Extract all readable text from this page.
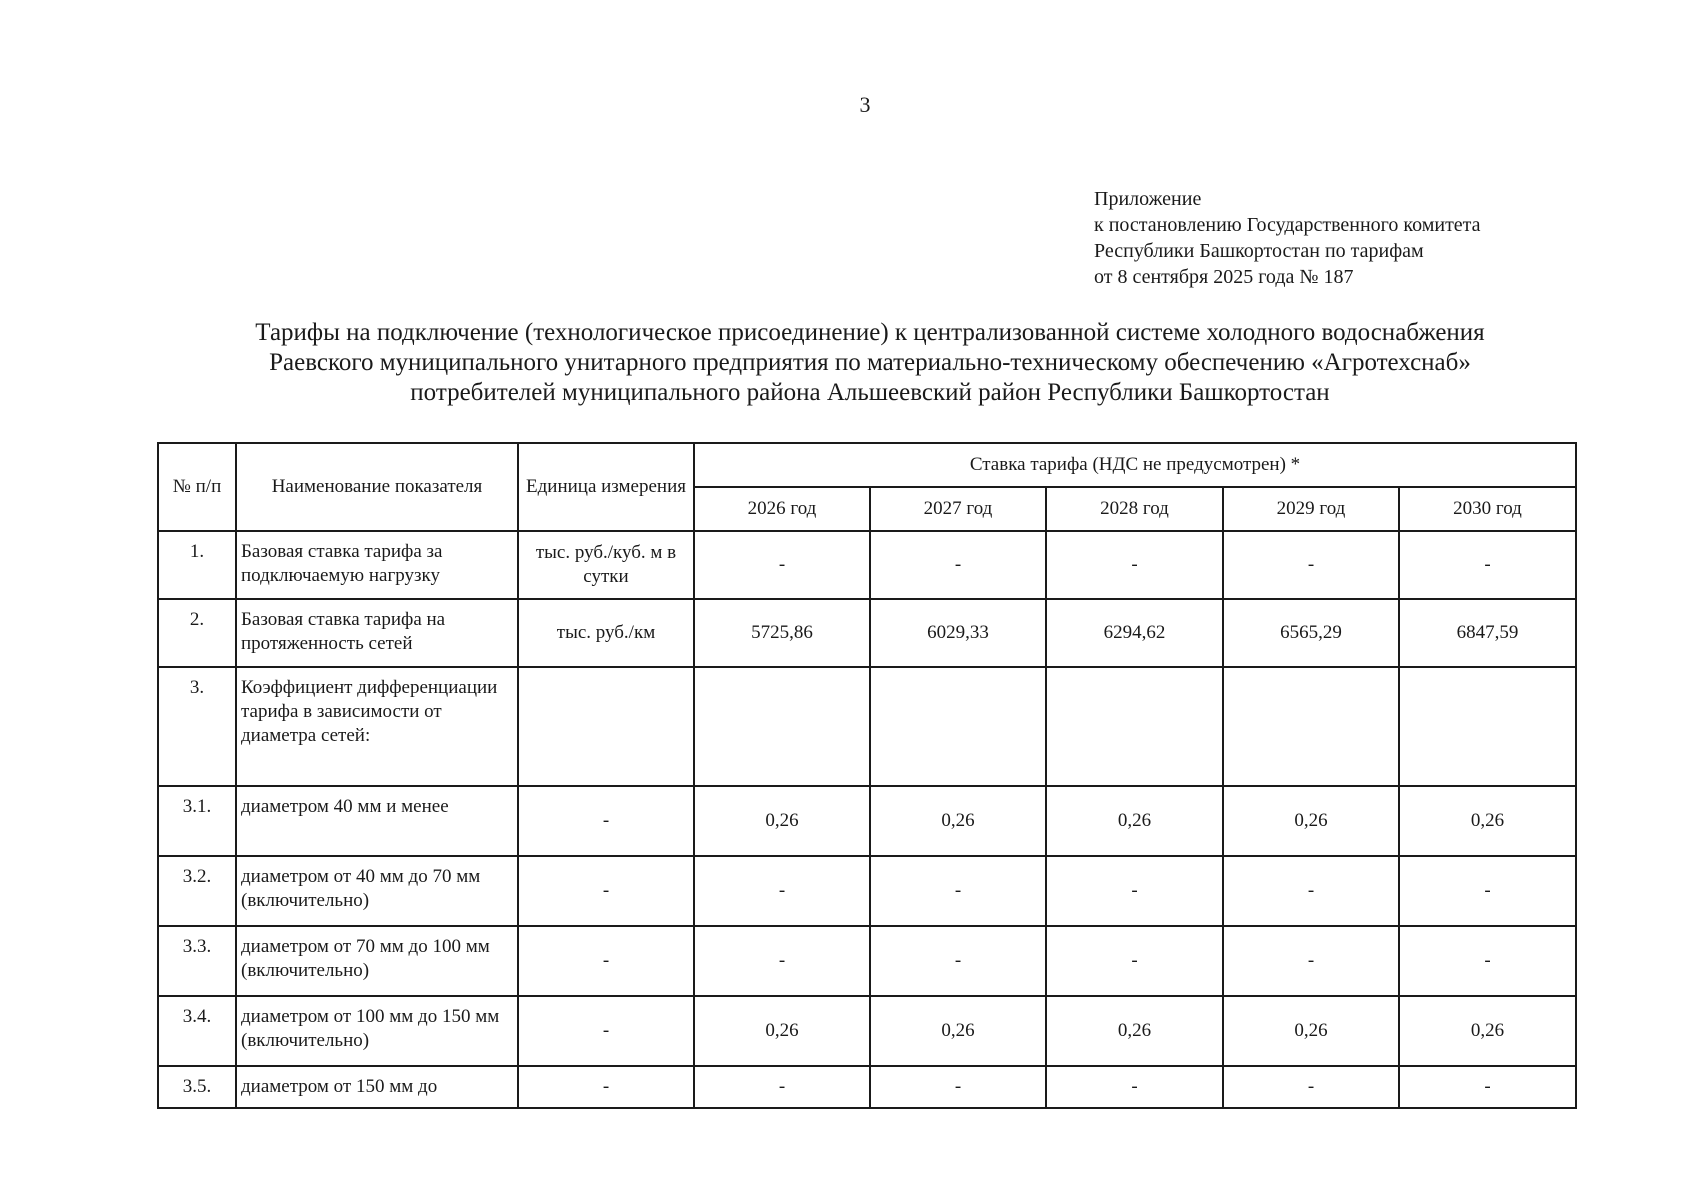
3
Приложение
к постановлению Государственного комитета
Республики Башкортостан по тарифам
от 8 сентября 2025 года № 187
Тарифы на подключение (технологическое присоединение) к централизованной системе холодного водоснабжения
Раевского муниципального унитарного предприятия по материально-техническому обеспечению «Агротехснаб»
потребителей муниципального района Альшеевский район Республики Башкортостан
№ п/п	Наименование показателя	Единица измерения	Ставка тарифа (НДС не предусмотрен) *				
			2026 год	2027 год	2028 год	2029 год	2030 год
1.	Базовая ставка тарифа за подключаемую нагрузку	тыс. руб./куб. м в сутки	-	-	-	-	-
2.	Базовая ставка тарифа на протяженность сетей	тыс. руб./км	5725,86	6029,33	6294,62	6565,29	6847,59
3.	Коэффициент дифференциации тарифа в зависимости от диаметра сетей:						
3.1.	диаметром 40 мм и менее	-	0,26	0,26	0,26	0,26	0,26
3.2.	диаметром от 40 мм до 70 мм (включительно)	-	-	-	-	-	-
3.3.	диаметром от 70 мм до 100 мм (включительно)	-	-	-	-	-	-
3.4.	диаметром от 100 мм до 150 мм (включительно)	-	0,26	0,26	0,26	0,26	0,26
3.5.	диаметром от 150 мм до	-	-	-	-	-	-
